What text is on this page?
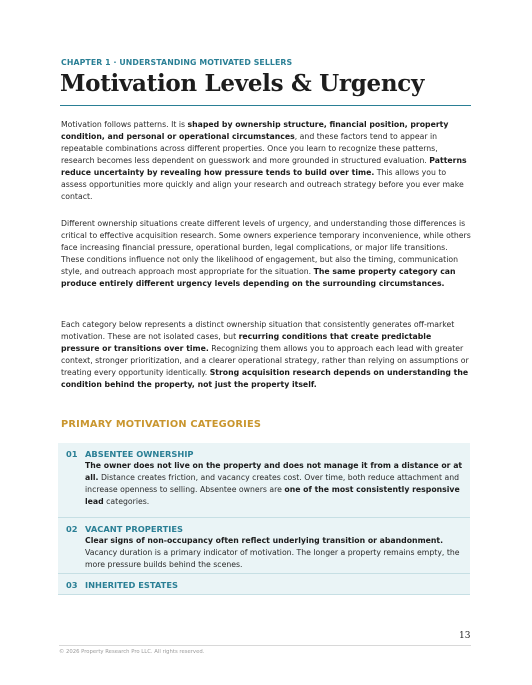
CHAPTER 1 · UNDERSTANDING MOTIVATED SELLERS
Motivation Levels & Urgency

Motivation follows patterns. It is shaped by ownership structure, financial position, property condition, and personal or operational circumstances, and these factors tend to appear in repeatable combinations across different properties. Once you learn to recognize these patterns, research becomes less dependent on guesswork and more grounded in structured evaluation. Patterns reduce uncertainty by revealing how pressure tends to build over time. This allows you to assess opportunities more quickly and align your research and outreach strategy before you ever make contact.

Different ownership situations create different levels of urgency, and understanding those differences is critical to effective acquisition research. Some owners experience temporary inconvenience, while others face increasing financial pressure, operational burden, legal complications, or major life transitions. These conditions influence not only the likelihood of engagement, but also the timing, communication style, and outreach approach most appropriate for the situation. The same property category can produce entirely different urgency levels depending on the surrounding circumstances.

Each category below represents a distinct ownership situation that consistently generates off-market motivation. These are not isolated cases, but recurring conditions that create predictable pressure or transitions over time. Recognizing them allows you to approach each lead with greater context, stronger prioritization, and a clearer operational strategy, rather than relying on assumptions or treating every opportunity identically. Strong acquisition research depends on understanding the condition behind the property, not just the property itself.

PRIMARY MOTIVATION CATEGORIES
01 ABSENTEE OWNERSHIP
The owner does not live on the property and does not manage it from a distance or at all. Distance creates friction, and vacancy creates cost. Over time, both reduce attachment and increase openness to selling. Absentee owners are one of the most consistently responsive lead categories.
02 VACANT PROPERTIES
Clear signs of non-occupancy often reflect underlying transition or abandonment. Vacancy duration is a primary indicator of motivation. The longer a property remains empty, the more pressure builds behind the scenes.
03 INHERITED ESTATES
13
© 2026 Property Research Pro LLC. All rights reserved.
